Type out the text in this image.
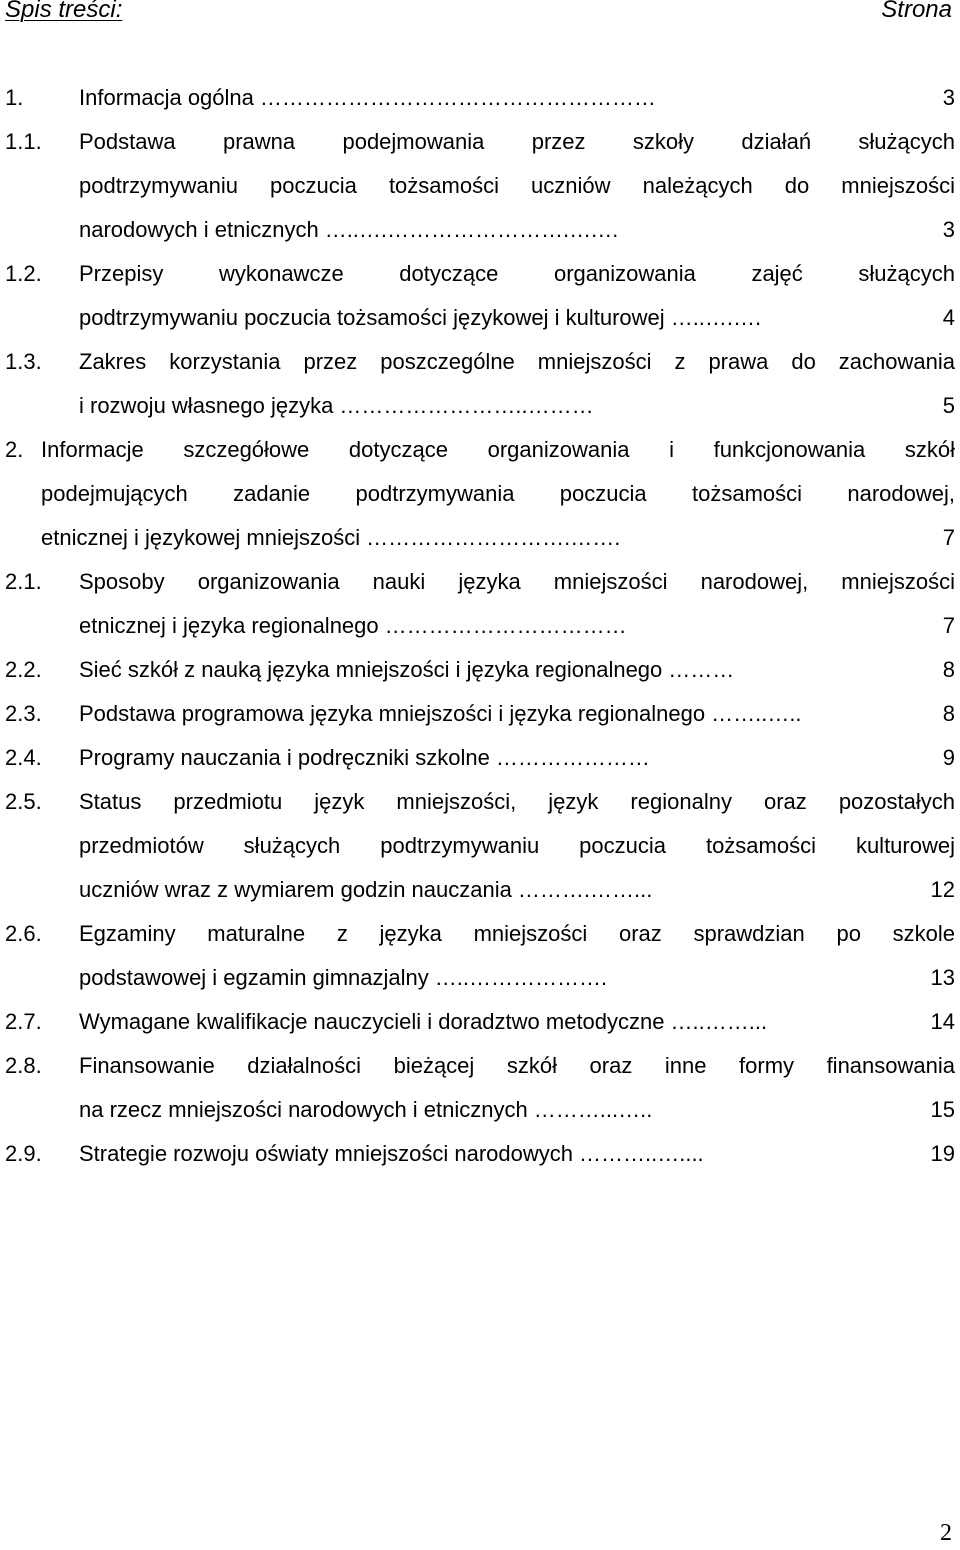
Spis treści:	Strona
1.	Informacja ogólna ………………………………………………	3
1.1. Podstawa prawna podejmowania przez szkoły działań służących
podtrzymywaniu poczucia tożsamości uczniów należących do mniejszości
narodowych i etnicznych …..….…………………….….…	3
1.2. Przepisy wykonawcze dotyczące organizowania zajęć służących
podtrzymywaniu poczucia tożsamości językowej i kulturowej …..….….	4
1.3. Zakres korzystania przez poszczególne mniejszości z prawa do zachowania
i rozwoju własnego języka ……………………..………	5
2. Informacje szczegółowe dotyczące organizowania i funkcjonowania szkół
podejmujących zadanie podtrzymywania poczucia tożsamości narodowej,
etnicznej i językowej mniejszości ……………………….…….	7
2.1. Sposoby organizowania nauki języka mniejszości narodowej, mniejszości
etnicznej i języka regionalnego ……………………………	7
2.2. Sieć szkół z nauką języka mniejszości i języka regionalnego ………	8
2.3. Podstawa programowa języka mniejszości i języka regionalnego ……..…..	8
2.4. Programy nauczania i podręczniki szkolne …………………	9
2.5. Status przedmiotu język mniejszości, język regionalny oraz pozostałych
przedmiotów służących podtrzymywaniu poczucia tożsamości kulturowej
uczniów wraz z wymiarem godzin nauczania ……….……...	12
2.6. Egzaminy maturalne z języka mniejszości oraz sprawdzian po szkole
podstawowej i egzamin gimnazjalny …..……………….	13
2.7. Wymagane kwalifikacje nauczycieli i doradztwo metodyczne …..……...	14
2.8. Finansowanie działalności bieżącej szkół oraz inne formy finansowania
na rzecz mniejszości narodowych i etnicznych ………...…..	15
2.9. Strategie rozwoju oświaty mniejszości narodowych ………..…....	19
2
